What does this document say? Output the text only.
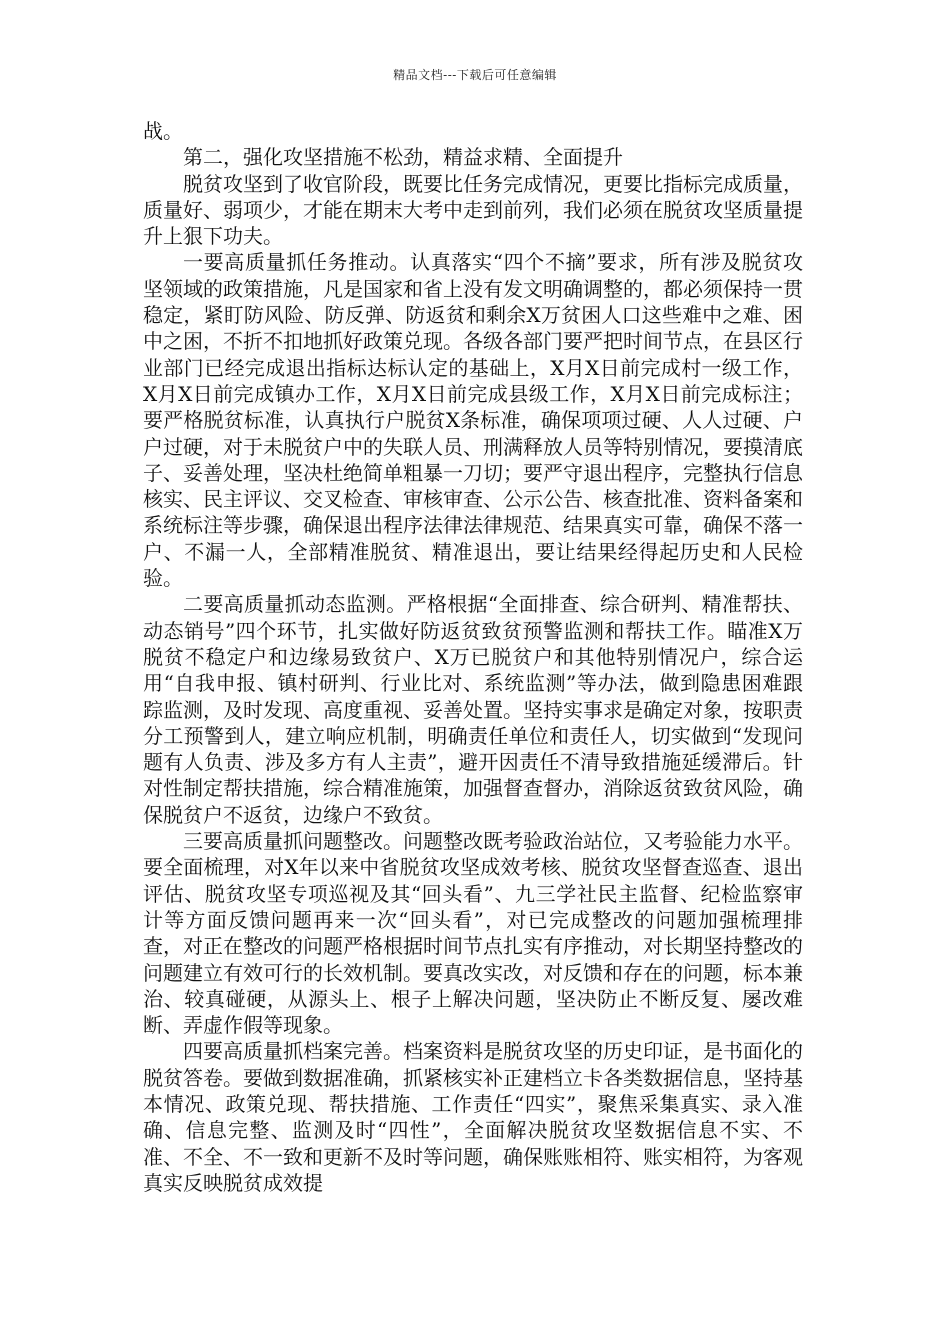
精品文档---下载后可任意编辑

战。

第二，强化攻坚措施不松劲，精益求精、全面提升

脱贫攻坚到了收官阶段，既要比任务完成情况，更要比指标完成质量，质量好、弱项少，才能在期末大考中走到前列，我们必须在脱贫攻坚质量提升上狠下功夫。

一要高质量抓任务推动。认真落实“四个不摘”要求，所有涉及脱贫攻坚领域的政策措施，凡是国家和省上没有发文明确调整的，都必须保持一贯稳定，紧盯防风险、防反弹、防返贫和剩余X万贫困人口这些难中之难、困中之困，不折不扣地抓好政策兑现。各级各部门要严把时间节点，在县区行业部门已经完成退出指标达标认定的基础上，X月X日前完成村一级工作，X月X日前完成镇办工作，X月X日前完成县级工作，X月X日前完成标注；要严格脱贫标准，认真执行户脱贫X条标准，确保项项过硬、人人过硬、户户过硬，对于未脱贫户中的失联人员、刑满释放人员等特别情况，要摸清底子、妥善处理，坚决杜绝简单粗暴一刀切；要严守退出程序，完整执行信息核实、民主评议、交叉检查、审核审查、公示公告、核查批准、资料备案和系统标注等步骤，确保退出程序法律法律规范、结果真实可靠，确保不落一户、不漏一人，全部精准脱贫、精准退出，要让结果经得起历史和人民检验。

二要高质量抓动态监测。严格根据“全面排查、综合研判、精准帮扶、动态销号”四个环节，扎实做好防返贫致贫预警监测和帮扶工作。瞄准X万脱贫不稳定户和边缘易致贫户、X万已脱贫户和其他特别情况户，综合运用“自我申报、镇村研判、行业比对、系统监测”等办法，做到隐患困难跟踪监测，及时发现、高度重视、妥善处置。坚持实事求是确定对象，按职责分工预警到人，建立响应机制，明确责任单位和责任人，切实做到“发现问题有人负责、涉及多方有人主责”，避开因责任不清导致措施延缓滞后。针对性制定帮扶措施，综合精准施策，加强督查督办，消除返贫致贫风险，确保脱贫户不返贫，边缘户不致贫。

三要高质量抓问题整改。问题整改既考验政治站位，又考验能力水平。要全面梳理，对X年以来中省脱贫攻坚成效考核、脱贫攻坚督查巡查、退出评估、脱贫攻坚专项巡视及其“回头看”、九三学社民主监督、纪检监察审计等方面反馈问题再来一次“回头看”，对已完成整改的问题加强梳理排查，对正在整改的问题严格根据时间节点扎实有序推动，对长期坚持整改的问题建立有效可行的长效机制。要真改实改，对反馈和存在的问题，标本兼治、较真碰硬，从源头上、根子上解决问题，坚决防止不断反复、屡改难断、弄虚作假等现象。

四要高质量抓档案完善。档案资料是脱贫攻坚的历史印证，是书面化的脱贫答卷。要做到数据准确，抓紧核实补正建档立卡各类数据信息，坚持基本情况、政策兑现、帮扶措施、工作责任“四实”，聚焦采集真实、录入准确、信息完整、监测及时“四性”，全面解决脱贫攻坚数据信息不实、不准、不全、不一致和更新不及时等问题，确保账账相符、账实相符，为客观真实反映脱贫成效提
